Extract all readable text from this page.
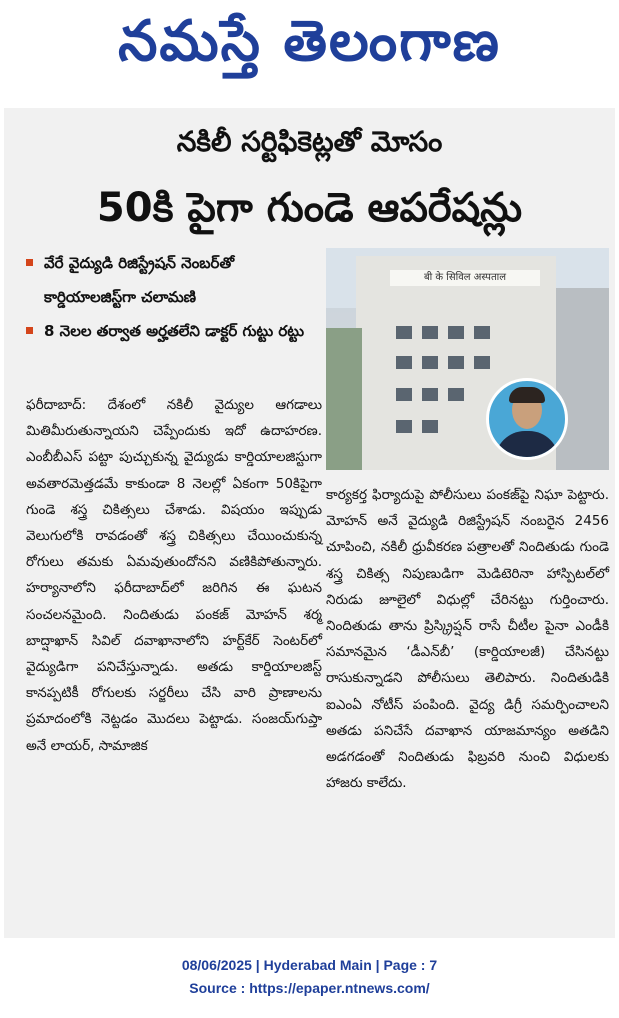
నమస్తే తెలంగాణ
నకిలీ సర్టిఫికెట్లతో మోసం
50కి పైగా గుండె ఆపరేషన్లు
వేరే వైద్యుడి రిజిస్ట్రేషన్ నెంబర్‌తో కార్డియాలజిస్ట్‌గా చలామణి
8 నెలల తర్వాత అర్హతలేని డాక్టర్ గుట్టు రట్టు
बी के सिविल अस्पताल
ఫరీదాబాద్: దేశంలో నకిలీ వైద్యుల ఆగడాలు మితిమీరుతున్నాయని చెప్పేందుకు ఇదో ఉదాహరణ. ఎంబీబీఎస్ పట్టా పుచ్చుకున్న వైద్యుడు కార్డియాలజిస్టుగా అవతారమెత్తడమే కాకుండా 8 నెలల్లో ఏకంగా 50కిపైగా గుండె శస్త్ర చికిత్సలు చేశాడు. విషయం ఇప్పుడు వెలుగులోకి రావడంతో శస్త్ర చికిత్సలు చేయించుకున్న రోగులు తమకు ఏమవుతుందోనని వణికిపోతున్నారు. హర్యానాలోని ఫరీదాబాద్‌లో జరిగిన ఈ ఘటన సంచలనమైంది. నిందితుడు పంకజ్ మోహన్ శర్మ బాద్షాఖాన్ సివిల్ దవాఖానాలోని హర్ట్‌కేర్ సెంటర్‌లో వైద్యుడిగా పనిచేస్తున్నాడు. అతడు కార్డియాలజిస్ట్ కానప్పటికీ రోగులకు సర్జరీలు చేసి వారి ప్రాణాలను ప్రమాదంలోకి నెట్టడం మొదలు పెట్టాడు. సంజయ్‌గుప్తా అనే లాయర్, సామాజిక
కార్యకర్త ఫిర్యాదుపై పోలీసులు పంకజ్‌పై నిఘా పెట్టారు. మోహన్ అనే వైద్యుడి రిజిస్ట్రేషన్ నంబరైన 2456 చూపించి, నకిలీ ధ్రువీకరణ పత్రాలతో నిందితుడు గుండె శస్త్ర చికిత్స నిపుణుడిగా మెడిటెరినా హాస్పిటల్‌లో నిరుడు జూలైలో విధుల్లో చేరినట్టు గుర్తించారు. నిందితుడు తాను ప్రిస్క్రిప్షన్ రాసే చీటీల పైనా ఎండీకి సమానమైన ‘డీఎన్‌బీ’ (కార్డియాలజీ) చేసినట్టు రాసుకున్నాడని పోలీసులు తెలిపారు. నిందితుడికి ఐఎంఏ నోటీస్ పంపింది. వైద్య డిగ్రీ సమర్పించాలని అతడు పనిచేసే దవాఖాన యాజమాన్యం అతడిని అడగడంతో నిందితుడు ఫిబ్రవరి నుంచి విధులకు హాజరు కాలేదు.
08/06/2025 | Hyderabad Main | Page : 7
Source : https://epaper.ntnews.com/
